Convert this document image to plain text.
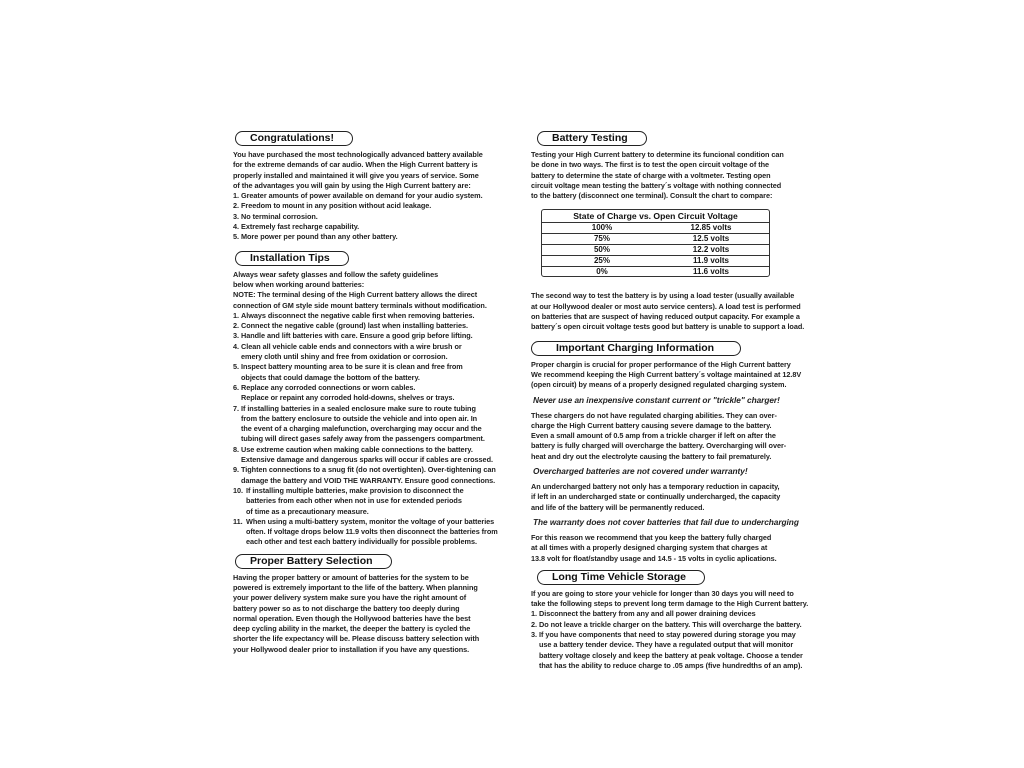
Congratulations!
You have purchased the most technologically advanced battery available
for the extreme demands of car audio. When the High Current battery is
properly installed and maintained it will give you years of service. Some
of the advantages you will gain by using the High Current battery are:
1. Greater amounts of power available on demand for your audio system.
2. Freedom to mount in any position without acid leakage.
3. No terminal corrosion.
4. Extremely fast recharge capability.
5. More power per pound than any other battery.
Installation Tips
Always wear safety glasses and follow the safety guidelines
below when working around batteries:
NOTE: The terminal desing of the High Current battery allows the direct
connection of GM style side mount battery terminals without modification.
1. Always disconnect the negative cable first when removing batteries.
2. Connect the negative cable (ground) last when installing batteries.
3. Handle and lift batteries with care. Ensure a good grip before lifting.
4. Clean all vehicle cable ends and connectors with a wire brush or
emery cloth until shiny and free from oxidation or corrosion.
5. Inspect battery mounting area to be sure it is clean and free from
objects that could damage the bottom of the battery.
6. Replace any corroded connections or worn cables.
Replace or repaint any corroded hold-downs, shelves or trays.
7. If installing batteries in a sealed enclosure make sure to route tubing
from the battery enclosure to outside the vehicle and into open air. In
the event of a charging malefunction, overcharging may occur and the
tubing will direct gases safely away from the passengers compartment.
8. Use extreme caution when making cable connections to the battery.
Extensive damage and dangerous sparks will occur if cables are crossed.
9. Tighten connections to a snug fit (do not overtighten). Over-tightening can
damage the battery and VOID THE WARRANTY. Ensure good connections.
10. If installing multiple batteries, make provision to disconnect the
batteries from each other when not in use for extended periods
of time as a precautionary measure.
11. When using a multi-battery system, monitor the voltage of your batteries
often. If voltage drops below 11.9 volts then disconnect the batteries from
each other and test each battery individually for possible problems.
Proper Battery Selection
Having the proper battery or amount of batteries for the system to be
powered is extremely important to the life of the battery. When planning
your power delivery system make sure you have the right amount of
battery power so as to not discharge the battery too deeply during
normal operation. Even though the Hollywood batteries have the best
deep cycling ability in the market, the deeper the battery is cycled the
shorter the life expectancy will be. Please discuss battery selection with
your Hollywood dealer prior to installation if you have any questions.
Battery Testing
Testing your High Current battery to determine its funcional condition can
be done in two ways. The first is to test the open circuit voltage of the
battery to determine the state of charge with a voltmeter. Testing open
circuit voltage mean testing the battery´s voltage with nothing connected
to the battery (disconnect one terminal). Consult the chart to compare:
State of Charge vs. Open Circuit Voltage
100%	12.85 volts
75%	12.5 volts
50%	12.2 volts
25%	11.9 volts
0%	11.6 volts
The second way to test the battery is by using a load tester (usually available
at our Hollywood dealer or most auto service centers). A load test is performed
on batteries that are suspect of having reduced output capacity. For example a
battery´s open circuit voltage tests good but battery is unable to support a load.
Important Charging Information
Proper chargin is crucial for proper performance of the High Current battery
We recommend keeping the High Current battery´s voltage maintained at 12.8V
(open circuit) by means of a properly designed regulated charging system.
Never use an inexpensive constant current or "trickle" charger!
These chargers do not have regulated charging abilities. They can over-
charge the High Current battery causing severe damage to the battery.
Even a small amount of 0.5 amp from a trickle charger if left on after the
battery is fully charged will overcharge the battery. Overcharging will over-
heat and dry out the electrolyte causing the battery to fail prematurely.
Overcharged batteries are not covered under warranty!
An undercharged battery not only has a temporary reduction in capacity,
if left in an undercharged state or continually undercharged, the capacity
and life of the battery will be permanently reduced.
The warranty does not cover batteries that fail due to undercharging
For this reason we recommend that you keep the battery fully charged
at all times with a properly designed charging system that charges at
13.8 volt for float/standby usage and 14.5 - 15 volts in cyclic aplications.
Long Time Vehicle Storage
If you are going to store your vehicle for longer than 30 days you will need to
take the following steps to prevent long term damage to the High Current battery.
1. Disconnect the battery from any and all power draining devices
2. Do not leave a trickle charger on the battery. This will overcharge the battery.
3. If you have components that need to stay powered during storage you may
use a battery tender device. They have a regulated output that will monitor
battery voltage closely and keep the battery at peak voltage. Choose a tender
that has the ability to reduce charge to .05 amps (five hundredths of an amp).
